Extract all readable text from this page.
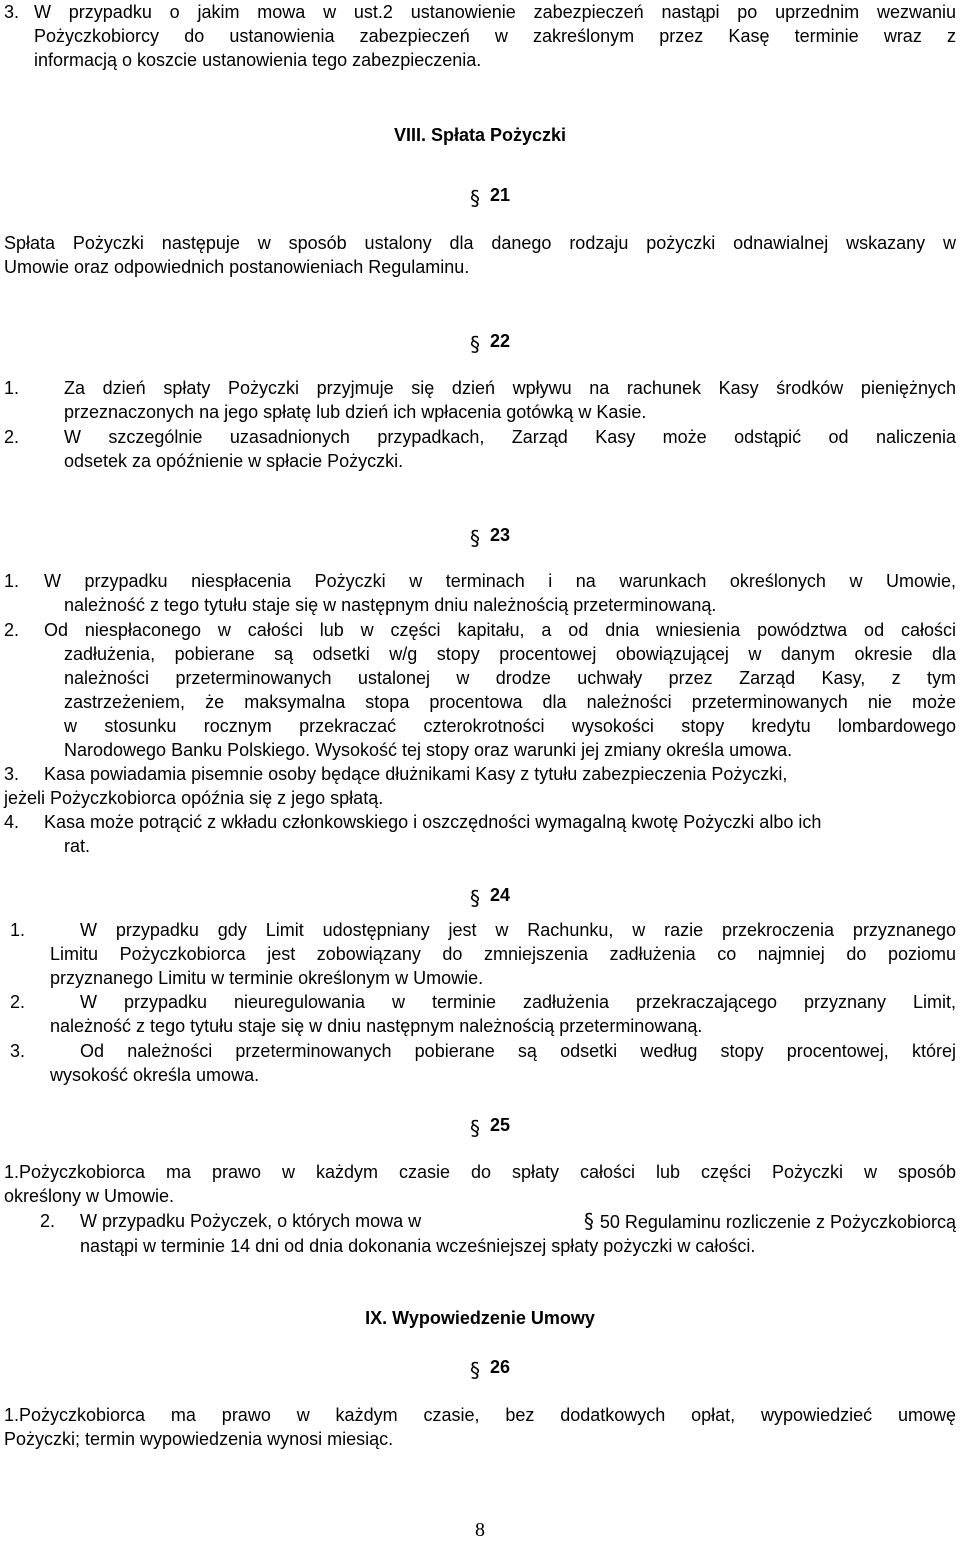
3. W przypadku o jakim mowa w ust.2 ustanowienie zabezpieczeń nastąpi po uprzednim wezwaniu
Pożyczkobiorcy do ustanowienia zabezpieczeń w zakreślonym przez Kasę terminie wraz z
informacją o koszcie ustanowienia tego zabezpieczenia.
VIII. Spłata Pożyczki
§ 21
Spłata Pożyczki następuje w sposób ustalony dla danego rodzaju pożyczki odnawialnej wskazany w
Umowie oraz odpowiednich postanowieniach Regulaminu.
§ 22
1.	Za dzień spłaty Pożyczki przyjmuje się dzień wpływu na rachunek Kasy środków pieniężnych
przeznaczonych na jego spłatę lub dzień ich wpłacenia gotówką w Kasie.
2.	W szczególnie uzasadnionych przypadkach, Zarząd Kasy może odstąpić od naliczenia
odsetek za opóźnienie w spłacie Pożyczki.
§ 23
1.	W przypadku niespłacenia Pożyczki w terminach i na warunkach określonych w Umowie,
należność z tego tytułu staje się w następnym dniu należnością przeterminowaną.
2.	Od niespłaconego w całości lub w części kapitału, a od dnia wniesienia powództwa od całości
zadłużenia, pobierane są odsetki w/g stopy procentowej obowiązującej w danym okresie dla
należności przeterminowanych ustalonej w drodze uchwały przez Zarząd Kasy, z tym
zastrzeżeniem, że maksymalna stopa procentowa dla należności przeterminowanych nie może
w stosunku rocznym przekraczać czterokrotności wysokości stopy kredytu lombardowego
Narodowego Banku Polskiego. Wysokość tej stopy oraz warunki jej zmiany określa umowa.
3.	Kasa powiadamia pisemnie osoby będące dłużnikami Kasy z tytułu zabezpieczenia Pożyczki,
jeżeli Pożyczkobiorca opóźnia się z jego spłatą.
4.	Kasa może potrącić z wkładu członkowskiego i oszczędności wymagalną kwotę Pożyczki albo ich
rat.
§ 24
1.	W przypadku gdy Limit udostępniany jest w Rachunku, w razie przekroczenia przyznanego
Limitu Pożyczkobiorca jest zobowiązany do zmniejszenia zadłużenia co najmniej do poziomu
przyznanego Limitu w terminie określonym w Umowie.
2.	W przypadku nieuregulowania w terminie zadłużenia przekraczającego przyznany Limit,
należność z tego tytułu staje się w dniu następnym należnością przeterminowaną.
3.	Od należności przeterminowanych pobierane są odsetki według stopy procentowej, której
wysokość określa umowa.
§ 25
1.Pożyczkobiorca ma prawo w każdym czasie do spłaty całości lub części Pożyczki w sposób
określony w Umowie.
2.	W przypadku Pożyczek, o których mowa w	§ 50 Regulaminu rozliczenie z Pożyczkobiorcą
nastąpi w terminie 14 dni od dnia dokonania wcześniejszej spłaty pożyczki w całości.
IX. Wypowiedzenie Umowy
§ 26
1.Pożyczkobiorca ma prawo w każdym czasie, bez dodatkowych opłat, wypowiedzieć umowę
Pożyczki; termin wypowiedzenia wynosi miesiąc.
8
